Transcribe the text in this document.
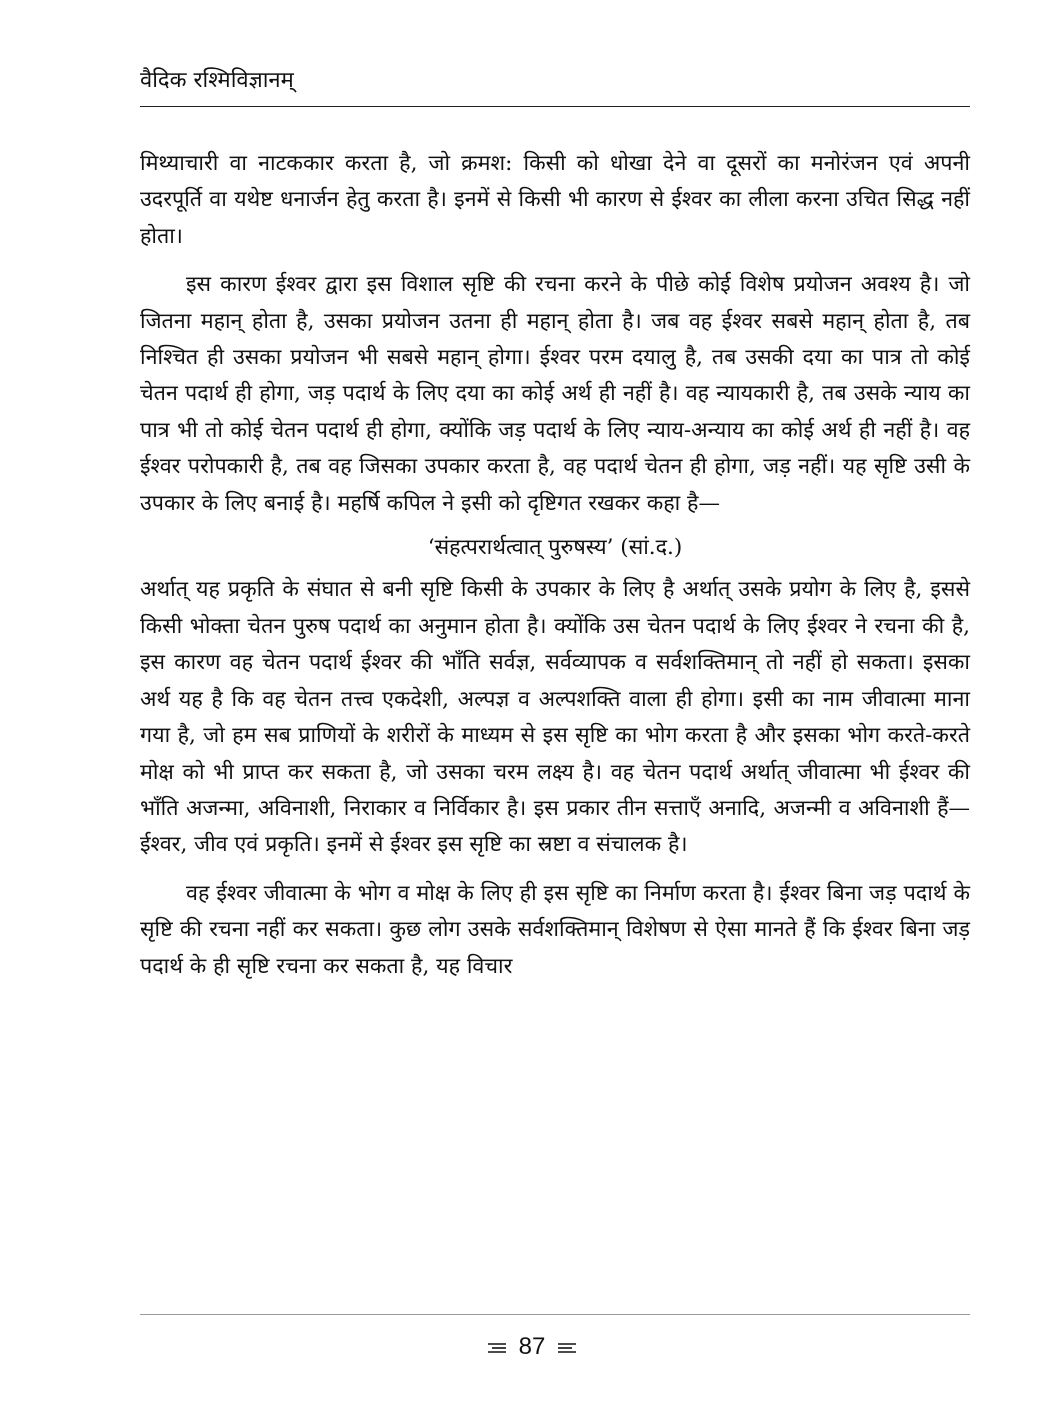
वैदिक रश्मिविज्ञानम्

मिथ्याचारी वा नाटककार करता है, जो क्रमश: किसी को धोखा देने वा दूसरों का मनोरंजन एवं अपनी उदरपूर्ति वा यथेष्ट धनार्जन हेतु करता है। इनमें से किसी भी कारण से ईश्वर का लीला करना उचित सिद्ध नहीं होता।

इस कारण ईश्वर द्वारा इस विशाल सृष्टि की रचना करने के पीछे कोई विशेष प्रयोजन अवश्य है। जो जितना महान् होता है, उसका प्रयोजन उतना ही महान् होता है। जब वह ईश्वर सबसे महान् होता है, तब निश्चित ही उसका प्रयोजन भी सबसे महान् होगा। ईश्वर परम दयालु है, तब उसकी दया का पात्र तो कोई चेतन पदार्थ ही होगा, जड़ पदार्थ के लिए दया का कोई अर्थ ही नहीं है। वह न्यायकारी है, तब उसके न्याय का पात्र भी तो कोई चेतन पदार्थ ही होगा, क्योंकि जड़ पदार्थ के लिए न्याय-अन्याय का कोई अर्थ ही नहीं है। वह ईश्वर परोपकारी है, तब वह जिसका उपकार करता है, वह पदार्थ चेतन ही होगा, जड़ नहीं। यह सृष्टि उसी के उपकार के लिए बनाई है। महर्षि कपिल ने इसी को दृष्टिगत रखकर कहा है—

‘संहत्परार्थत्वात् पुरुषस्य’ (सां.द.)

अर्थात् यह प्रकृति के संघात से बनी सृष्टि किसी के उपकार के लिए है अर्थात् उसके प्रयोग के लिए है, इससे किसी भोक्ता चेतन पुरुष पदार्थ का अनुमान होता है। क्योंकि उस चेतन पदार्थ के लिए ईश्वर ने रचना की है, इस कारण वह चेतन पदार्थ ईश्वर की भाँति सर्वज्ञ, सर्वव्यापक व सर्वशक्तिमान् तो नहीं हो सकता। इसका अर्थ यह है कि वह चेतन तत्त्व एकदेशी, अल्पज्ञ व अल्पशक्ति वाला ही होगा। इसी का नाम जीवात्मा माना गया है, जो हम सब प्राणियों के शरीरों के माध्यम से इस सृष्टि का भोग करता है और इसका भोग करते-करते मोक्ष को भी प्राप्त कर सकता है, जो उसका चरम लक्ष्य है। वह चेतन पदार्थ अर्थात् जीवात्मा भी ईश्वर की भाँति अजन्मा, अविनाशी, निराकार व निर्विकार है। इस प्रकार तीन सत्ताएँ अनादि, अजन्मी व अविनाशी हैं— ईश्वर, जीव एवं प्रकृति। इनमें से ईश्वर इस सृष्टि का स्रष्टा व संचालक है।

वह ईश्वर जीवात्मा के भोग व मोक्ष के लिए ही इस सृष्टि का निर्माण करता है। ईश्वर बिना जड़ पदार्थ के सृष्टि की रचना नहीं कर सकता। कुछ लोग उसके सर्वशक्तिमान् विशेषण से ऐसा मानते हैं कि ईश्वर बिना जड़ पदार्थ के ही सृष्टि रचना कर सकता है, यह विचार

87
